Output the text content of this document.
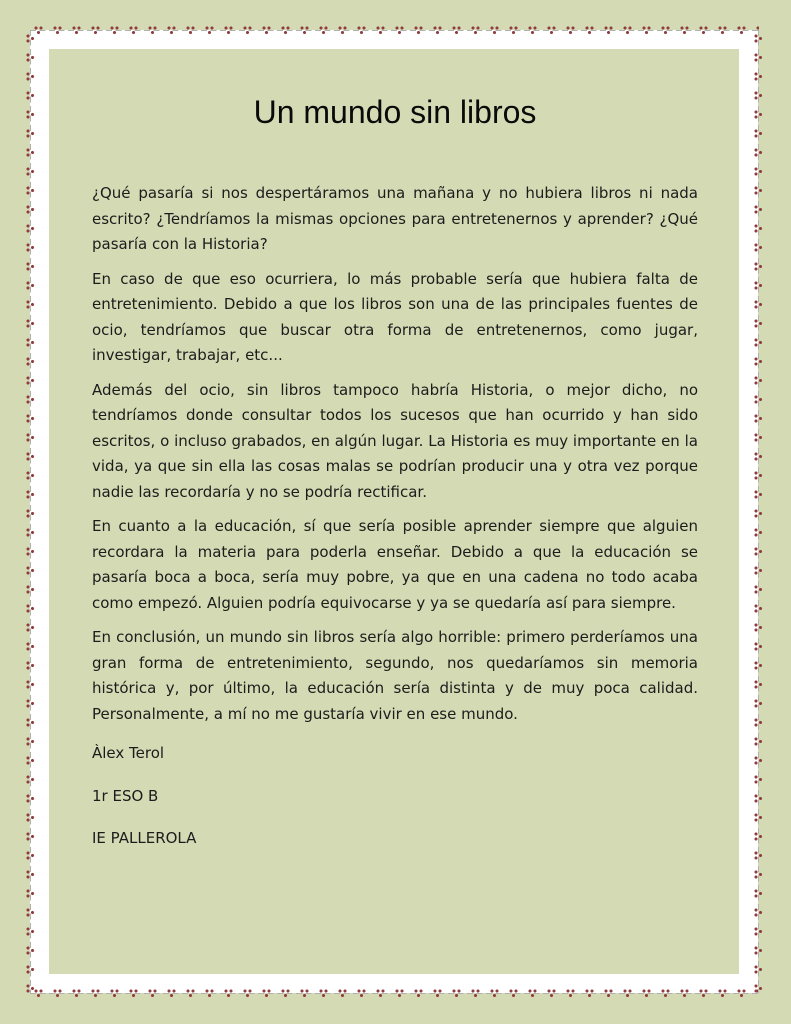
Un mundo sin libros

¿Qué pasaría si nos despertáramos una mañana y no hubiera libros ni nada escrito? ¿Tendríamos la mismas opciones para entretenernos y aprender? ¿Qué pasaría con la Historia?

En caso de que eso ocurriera, lo más probable sería que hubiera falta de entretenimiento. Debido a que los libros son una de las principales fuentes de ocio, tendríamos que buscar otra forma de entretenernos, como jugar, investigar, trabajar, etc...

Además del ocio, sin libros tampoco habría Historia, o mejor dicho, no tendríamos donde consultar todos los sucesos que han ocurrido y han sido escritos, o incluso grabados, en algún lugar. La Historia es muy importante en la vida, ya que sin ella las cosas malas se podrían producir una y otra vez porque nadie las recordaría y no se podría rectificar.

En cuanto a la educación, sí que sería posible aprender siempre que alguien recordara la materia para poderla enseñar. Debido a que la educación se pasaría boca a boca, sería muy pobre, ya que en una cadena no todo acaba como empezó. Alguien podría equivocarse y ya se quedaría así para siempre.

En conclusión, un mundo sin libros sería algo horrible: primero perderíamos una gran forma de entretenimiento, segundo, nos quedaríamos sin memoria histórica y, por último, la educación sería distinta y de muy poca calidad. Personalmente, a mí no me gustaría vivir en ese mundo.

Àlex Terol

1r ESO B

IE PALLEROLA
